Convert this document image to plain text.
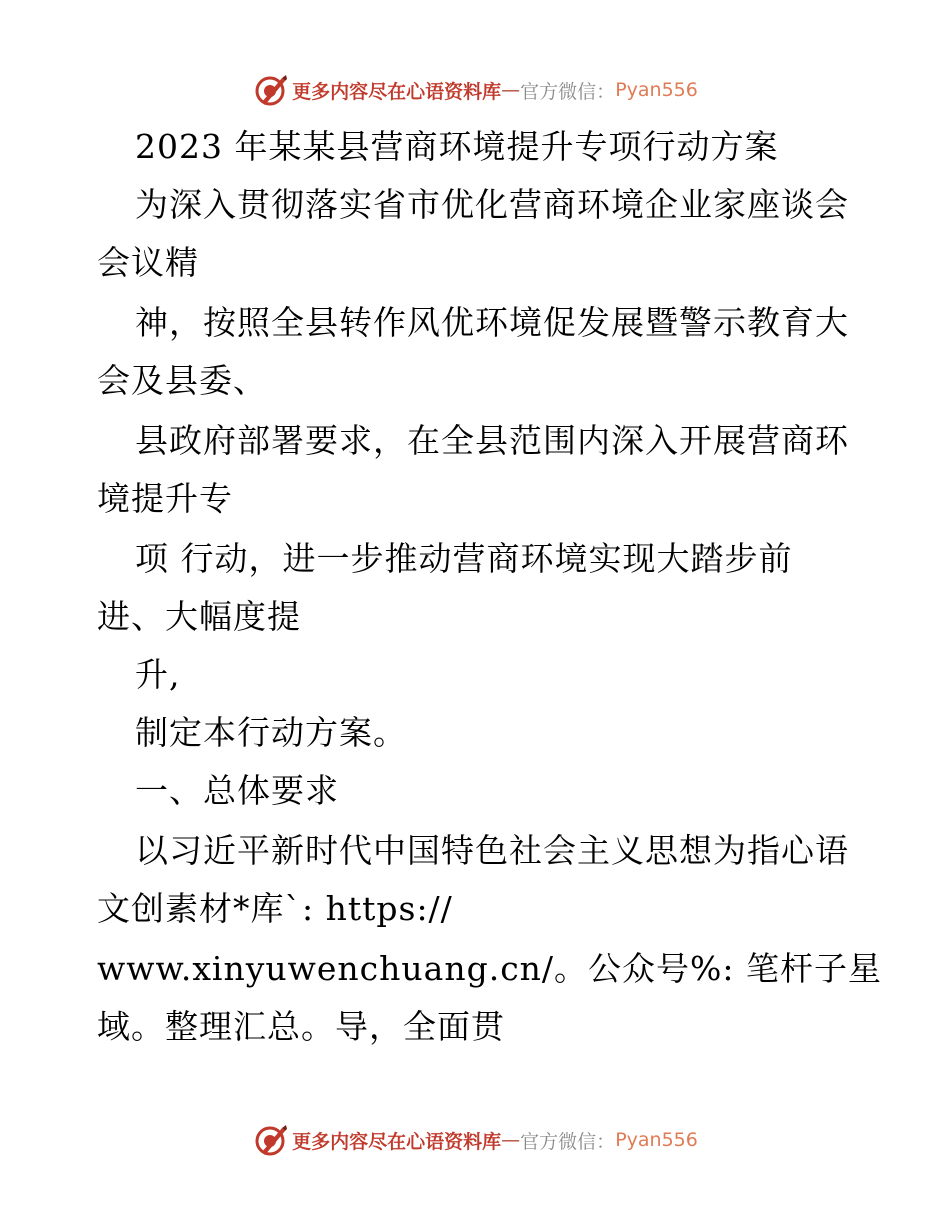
更多内容尽在心语资料库 — 官方微信： Pyan556
2023 年某某县营商环境提升专项行动方案
为深入贯彻落实省市优化营商环境企业家座谈会
会议精
神，按照全县转作风优环境促发展暨警示教育大
会及县委、
县政府部署要求，在全县范围内深入开展营商环
境提升专
项 行动，进一步推动营商环境实现大踏步前
进、大幅度提
升,
制定本行动方案。
一、总体要求
以习近平新时代中国特色社会主义思想为指心语
文创素材*库`: https://
www.xinyuwenchuang.cn/。公众号%: 笔杆子星
域。整理汇总。导，全面贯
更多内容尽在心语资料库 — 官方微信： Pyan556
